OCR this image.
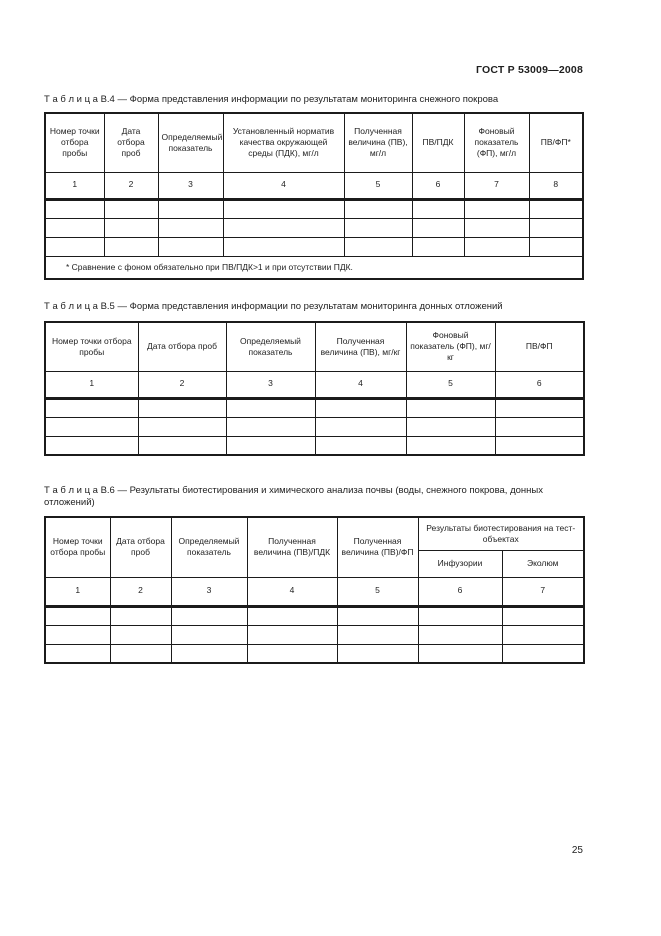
ГОСТ Р 53009—2008
Т а б л и ц а В.4 — Форма представления информации по результатам мониторинга снежного покрова
Номер точки отбора пробы	Дата отбора проб	Определяемый показатель	Установленный норматив качества окружающей среды (ПДК), мг/л	Полученная величина (ПВ), мг/л	ПВ/ПДК	Фоновый показатель (ФП), мг/л	ПВ/ФП*
1	2	3	4	5	6	7	8

* Сравнение с фоном обязательно при ПВ/ПДК>1 и при отсутствии ПДК.							
Т а б л и ц а В.5 — Форма представления информации по результатам мониторинга донных отложений
Номер точки отбора пробы	Дата отбора проб	Определяемый показатель	Полученная величина (ПВ), мг/кг	Фоновый показатель (ФП), мг/кг	ПВ/ФП
1	2	3	4	5	6

Т а б л и ц а В.6 — Результаты биотестирования и химического анализа почвы (воды, снежного покрова, донных отложений)
Номер точки отбора пробы	Дата отбора проб	Определяемый показатель	Полученная величина (ПВ)/ПДК	Полученная величина (ПВ)/ФП	Результаты биотестирования на тест-объектах	
					Инфузории	Эколюм
1	2	3	4	5	6	7

25
